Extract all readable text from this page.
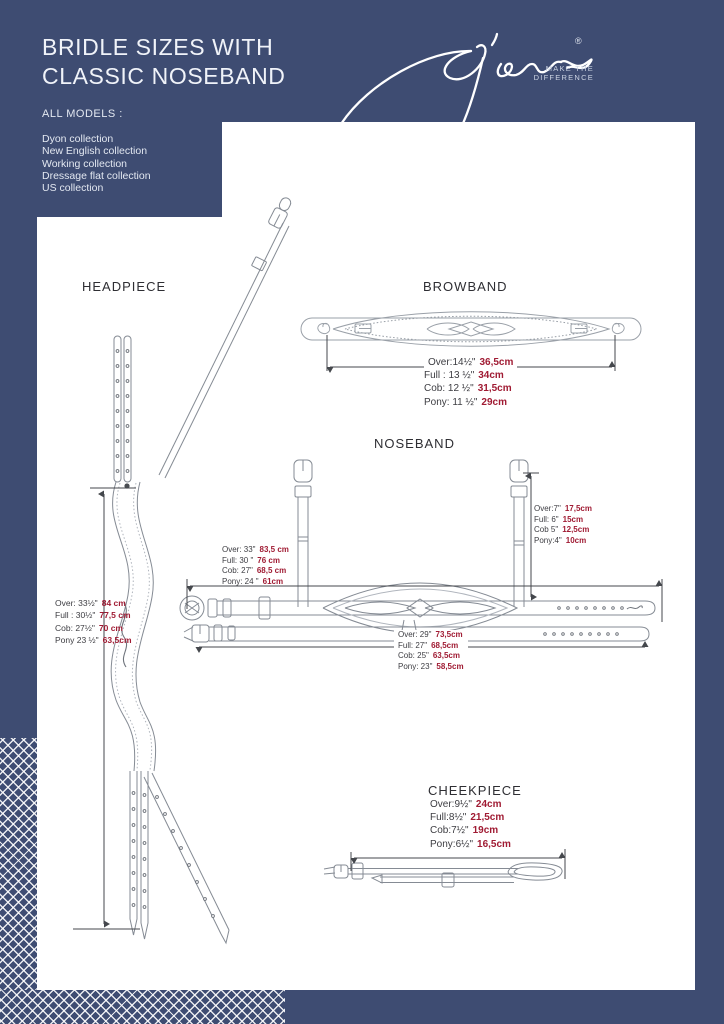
BRIDLE SIZES WITH
CLASSIC NOSEBAND
ALL MODELS :
Dyon collection
New English collection
Working collection
Dressage flat collection
US collection
®
MAKE THE DIFFERENCE
HEADPIECE	BROWBAND
NOSEBAND
CHEEKPIECE
Over: 33½" 84 cm
Full : 30½" 77,5 cm
Cob: 27½" 70 cm
Pony 23 ½" 63,5cm
Over:14½" 36,5cm
Full : 13 ½" 34cm
Cob: 12 ½" 31,5cm
Pony: 11 ½" 29cm
Over: 33" 83,5 cm
Full: 30 " 76 cm
Cob: 27" 68,5 cm
Pony: 24 " 61cm
Over:7" 17,5cm
Full: 6" 15cm
Cob 5" 12,5cm
Pony:4" 10cm
Over: 29" 73,5cm
Full: 27" 68,5cm
Cob: 25" 63,5cm
Pony: 23" 58,5cm
Over:9½" 24cm
Full:8½" 21,5cm
Cob:7½" 19cm
Pony:6½" 16,5cm
